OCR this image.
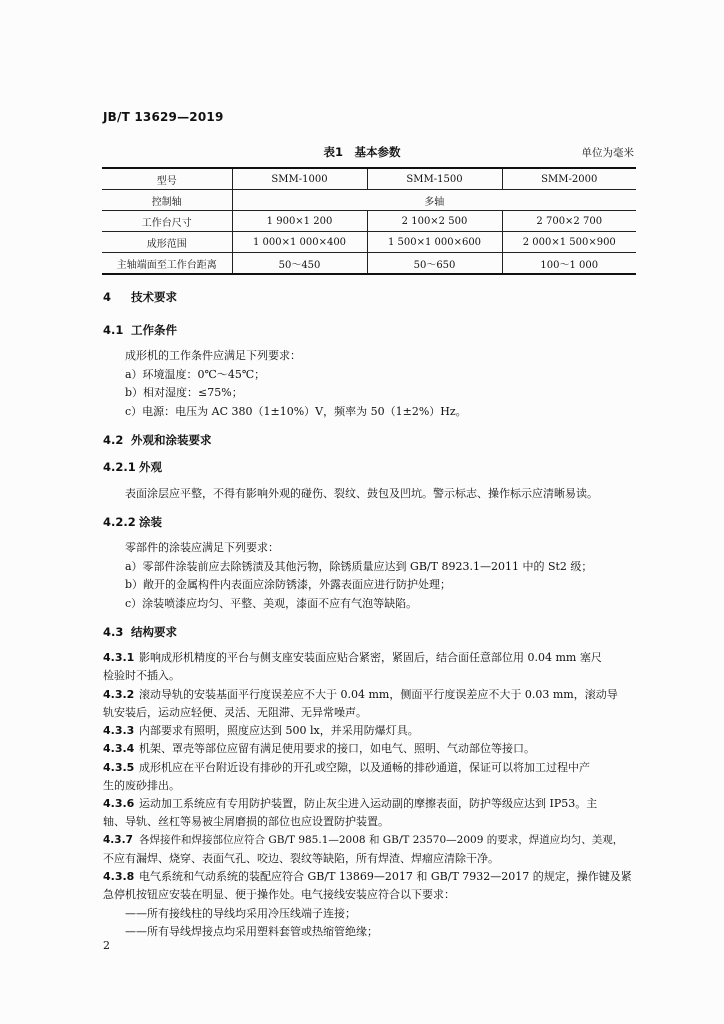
JB/T 13629—2019
表1　基本参数	单位为毫米
型号	SMM-1000	SMM-1500	SMM-2000
控制轴	多轴		
工作台尺寸	1 900×1 200	2 100×2 500	2 700×2 700
成形范围	1 000×1 000×400	1 500×1 000×600	2 000×1 500×900
主轴端面至工作台距离	50～450	50～650	100～1 000
4 技术要求
4.1 工作条件
成形机的工作条件应满足下列要求：
a）环境温度：0℃～45℃；
b）相对湿度：≤75%；
c）电源：电压为 AC 380（1±10%）V，频率为 50（1±2%）Hz。
4.2 外观和涂装要求
4.2.1 外观
表面涂层应平整，不得有影响外观的碰伤、裂纹、鼓包及凹坑。警示标志、操作标示应清晰易读。
4.2.2 涂装
零部件的涂装应满足下列要求：
a）零部件涂装前应去除锈渍及其他污物，除锈质量应达到 GB/T 8923.1—2011 中的 St2 级；
b）敞开的金属构件内表面应涂防锈漆，外露表面应进行防护处理；
c）涂装喷漆应均匀、平整、美观，漆面不应有气泡等缺陷。
4.3 结构要求
4.3.1 影响成形机精度的平台与侧支座安装面应贴合紧密，紧固后，结合面任意部位用 0.04 mm 塞尺
检验时不插入。
4.3.2 滚动导轨的安装基面平行度误差应不大于 0.04 mm，侧面平行度误差应不大于 0.03 mm，滚动导
轨安装后，运动应轻便、灵活、无阻滞、无异常噪声。
4.3.3 内部要求有照明，照度应达到 500 lx，并采用防爆灯具。
4.3.4 机架、罩壳等部位应留有满足使用要求的接口，如电气、照明、气动部位等接口。
4.3.5 成形机应在平台附近设有排砂的开孔或空隙，以及通畅的排砂通道，保证可以将加工过程中产
生的废砂排出。
4.3.6 运动加工系统应有专用防护装置，防止灰尘进入运动副的摩擦表面，防护等级应达到 IP53。主
轴、导轨、丝杠等易被尘屑磨损的部位也应设置防护装置。
4.3.7 各焊接件和焊接部位应符合 GB/T 985.1—2008 和 GB/T 23570—2009 的要求，焊道应均匀、美观，
不应有漏焊、烧穿、表面气孔、咬边、裂纹等缺陷，所有焊渣、焊瘤应清除干净。
4.3.8 电气系统和气动系统的装配应符合 GB/T 13869—2017 和 GB/T 7932—2017 的规定，操作键及紧
急停机按钮应安装在明显、便于操作处。电气接线安装应符合以下要求：
——所有接线柱的导线均采用冷压线端子连接；
——所有导线焊接点均采用塑料套管或热缩管绝缘；
2
